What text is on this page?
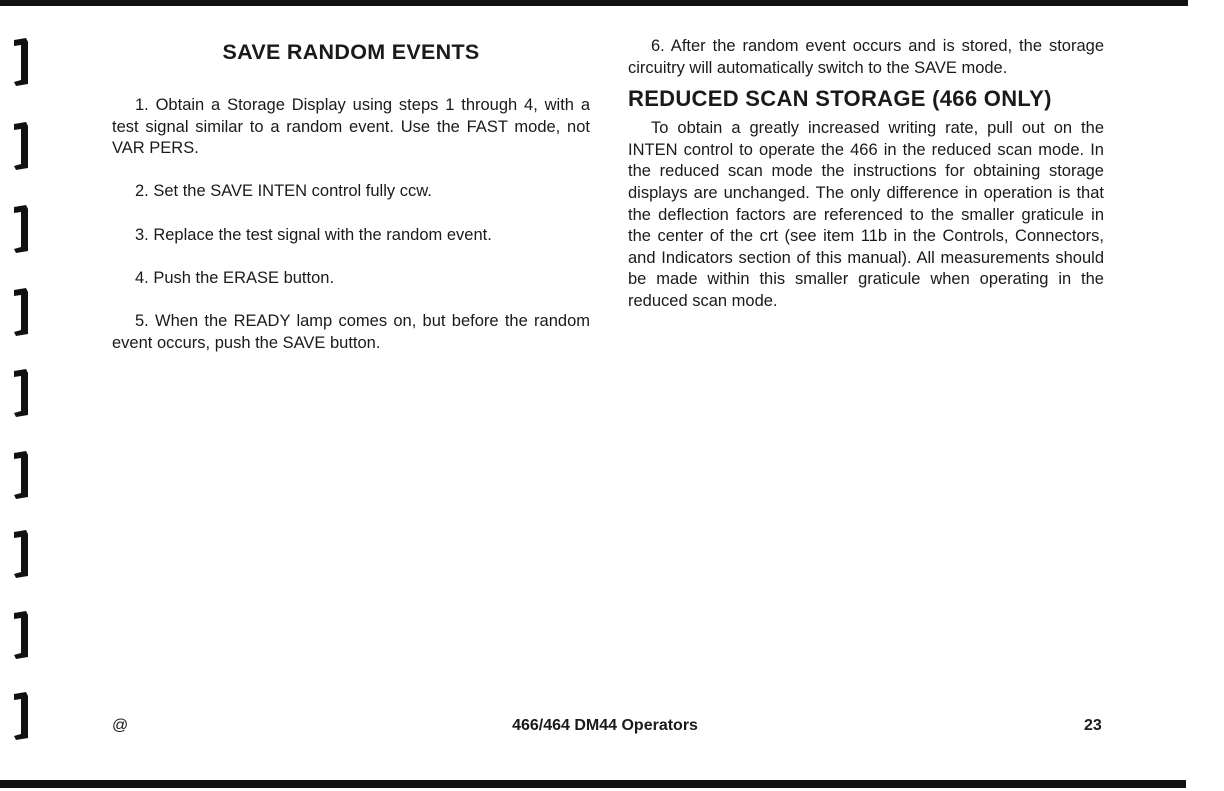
SAVE RANDOM EVENTS

1. Obtain a Storage Display using steps 1 through 4, with a test signal similar to a random event. Use the FAST mode, not VAR PERS.

2. Set the SAVE INTEN control fully ccw.

3. Replace the test signal with the random event.

4. Push the ERASE button.

5. When the READY lamp comes on, but before the random event occurs, push the SAVE button.

6. After the random event occurs and is stored, the storage circuitry will automatically switch to the SAVE mode.

REDUCED SCAN STORAGE (466 ONLY)

To obtain a greatly increased writing rate, pull out on the INTEN control to operate the 466 in the reduced scan mode. In the reduced scan mode the instructions for obtaining storage displays are unchanged. The only difference in operation is that the deflection factors are referenced to the smaller graticule in the center of the crt (see item 11b in the Controls, Connectors, and Indicators section of this manual). All measurements should be made within this smaller graticule when operating in the reduced scan mode.

@	466/464 DM44 Operators	23
